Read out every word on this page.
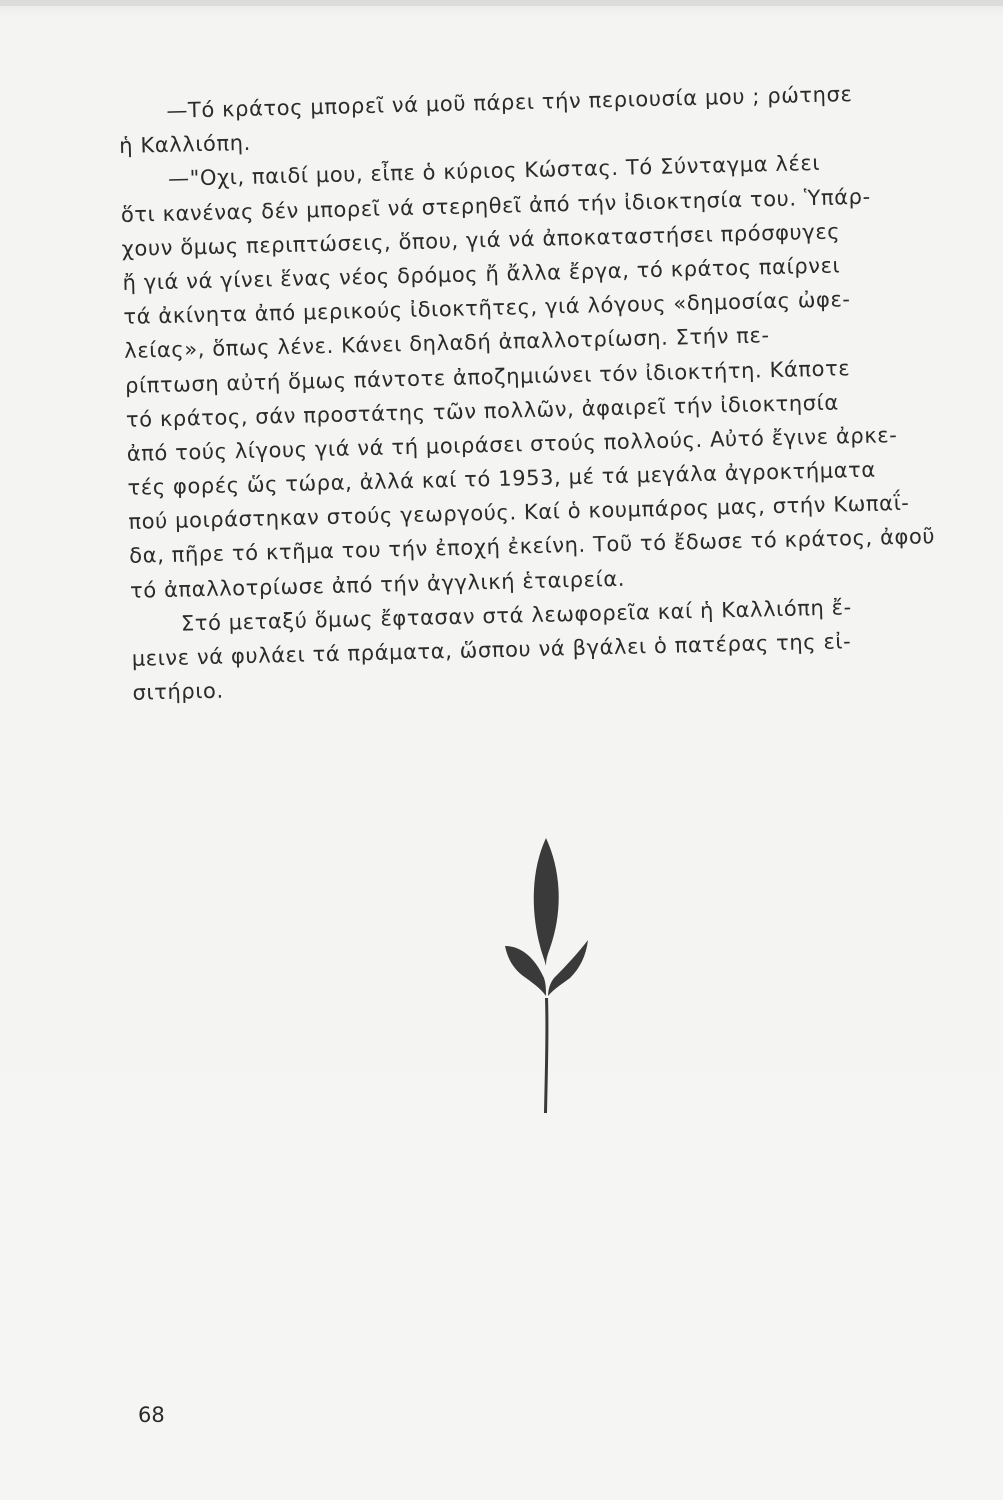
—Τό κράτος μπορεῖ νά μοῦ πάρει τήν περιουσία μου ; ρώτησε
ἡ Καλλιόπη.
—"Οχι, παιδί μου, εἶπε ὁ κύριος Κώστας. Τό Σύνταγμα λέει
ὅτι κανένας δέν μπορεῖ νά στερηθεῖ ἀπό τήν ἰδιοκτησία του. Ὑπάρ-
χουν ὅμως περιπτώσεις, ὅπου, γιά νά ἀποκαταστήσει πρόσφυγες
ἤ γιά νά γίνει ἕνας νέος δρόμος ἤ ἄλλα ἔργα, τό κράτος παίρνει
τά ἀκίνητα ἀπό μερικούς ἰδιοκτῆτες, γιά λόγους «δημοσίας ὠφε-
λείας», ὅπως λένε. Κάνει δηλαδή ἀπαλλοτρίωση. Στήν πε-
ρίπτωση αὐτή ὅμως πάντοτε ἀποζημιώνει τόν ἰδιοκτήτη. Κάποτε
τό κράτος, σάν προστάτης τῶν πολλῶν, ἀφαιρεῖ τήν ἰδιοκτησία
ἀπό τούς λίγους γιά νά τή μοιράσει στούς πολλούς. Αὐτό ἔγινε ἀρκε-
τές φορές ὥς τώρα, ἀλλά καί τό 1953, μέ τά μεγάλα ἀγροκτήματα
πού μοιράστηκαν στούς γεωργούς. Καί ὁ κουμπάρος μας, στήν Κωπαΐ-
δα, πῆρε τό κτῆμα του τήν ἐποχή ἐκείνη. Τοῦ τό ἔδωσε τό κράτος, ἀφοῦ
τό ἀπαλλοτρίωσε ἀπό τήν ἀγγλική ἑταιρεία.
Στό μεταξύ ὅμως ἔφτασαν στά λεωφορεῖα καί ἡ Καλλιόπη ἔ-
μεινε νά φυλάει τά πράματα, ὥσπου νά βγάλει ὁ πατέρας της εἰ-
σιτήριο.
68
